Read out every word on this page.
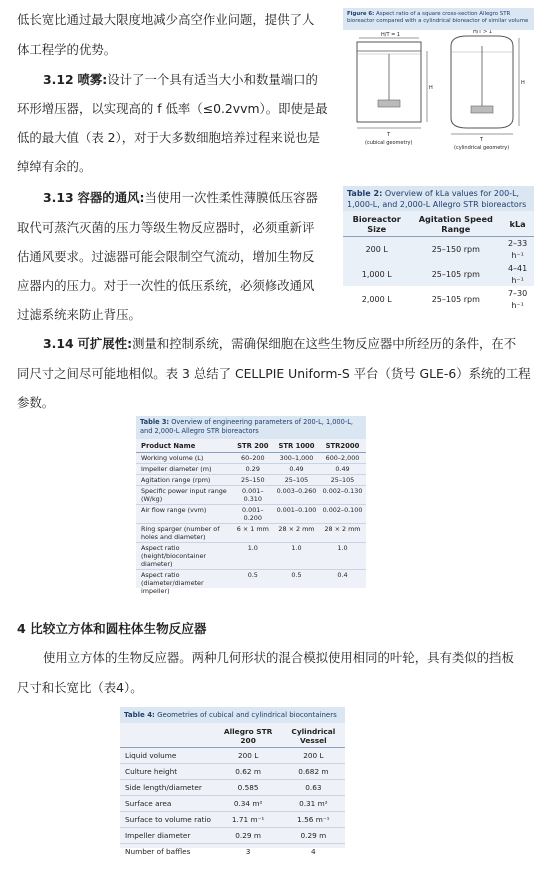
低长宽比通过最大限度地减少高空作业问题，提供了人
体工程学的优势。
3.12 喷雾:设计了一个具有适当大小和数量端口的
环形增压器，以实现高的 f 低率（≤0.2vvm）。即使是最
低的最大值（表 2），对于大多数细胞培养过程来说也是
绰绰有余的。
3.13 容器的通风:当使用一次性柔性薄膜低压容器
取代可蒸汽灭菌的压力等级生物反应器时，必须重新评
估通风要求。过滤器可能会限制空气流动，增加生物反
应器内的压力。对于一次性的低压系统，必须修改通风
过滤系统来防止背压。
3.14 可扩展性:测量和控制系统，需确保细胞在这些生物反应器中所经历的条件，在不
同尺寸之间尽可能地相似。表 3 总结了 CELLPIE Uniform-S 平台（货号 GLE-6）系统的工程
参数。
4 比较立方体和圆柱体生物反应器
使用立方体的生物反应器。两种几何形状的混合模拟使用相同的叶轮，具有类似的挡板
尺寸和长宽比（表4）。
Figure 6: Aspect ratio of a square cross-section Allegro STR bioreactor compared with a cylindrical bioreactor of similar volume
H/T = 1
H
T
(cubical geometry)
H/T > 1
H
T
(cylindrical geometry)
Table 2: Overview of kLa values for 200-L, 1,000-L, and 2,000-L Allegro STR bioreactors
Bioreactor Size	Agitation Speed Range	kLa
200 L	25–150 rpm	2–33 h⁻¹
1,000 L	25–105 rpm	4–41 h⁻¹
2,000 L	25–105 rpm	7–30 h⁻¹
Table 3: Overview of engineering parameters of 200-L, 1,000-L, and 2,000-L Allegro STR bioreactors
Product Name	STR 200	STR 1000	STR2000
Working volume (L)	60–200	300–1,000	600–2,000
Impeller diameter (m)	0.29	0.49	0.49
Agitation range (rpm)	25–150	25–105	25–105
Specific power input range (W/kg)	0.001–0.310	0.003–0.260	0.002–0.130
Air flow range (vvm)	0.001–0.200	0.001–0.100	0.002–0.100
Ring sparger (number of holes and diameter)	6 × 1 mm	28 × 2 mm	28 × 2 mm
Aspect ratio (height/biocontainer diameter)	1.0	1.0	1.0
Aspect ratio (diameter/diameter impeller)	0.5	0.5	0.4
Table 4: Geometries of cubical and cylindrical biocontainers
	Allegro STR 200	Cylindrical Vessel
Liquid volume	200 L	200 L
Culture height	0.62 m	0.682 m
Side length/diameter	0.585	0.63
Surface area	0.34 m²	0.31 m²
Surface to volume ratio	1.71 m⁻¹	1.56 m⁻¹
Impeller diameter	0.29 m	0.29 m
Number of baffles	3	4
